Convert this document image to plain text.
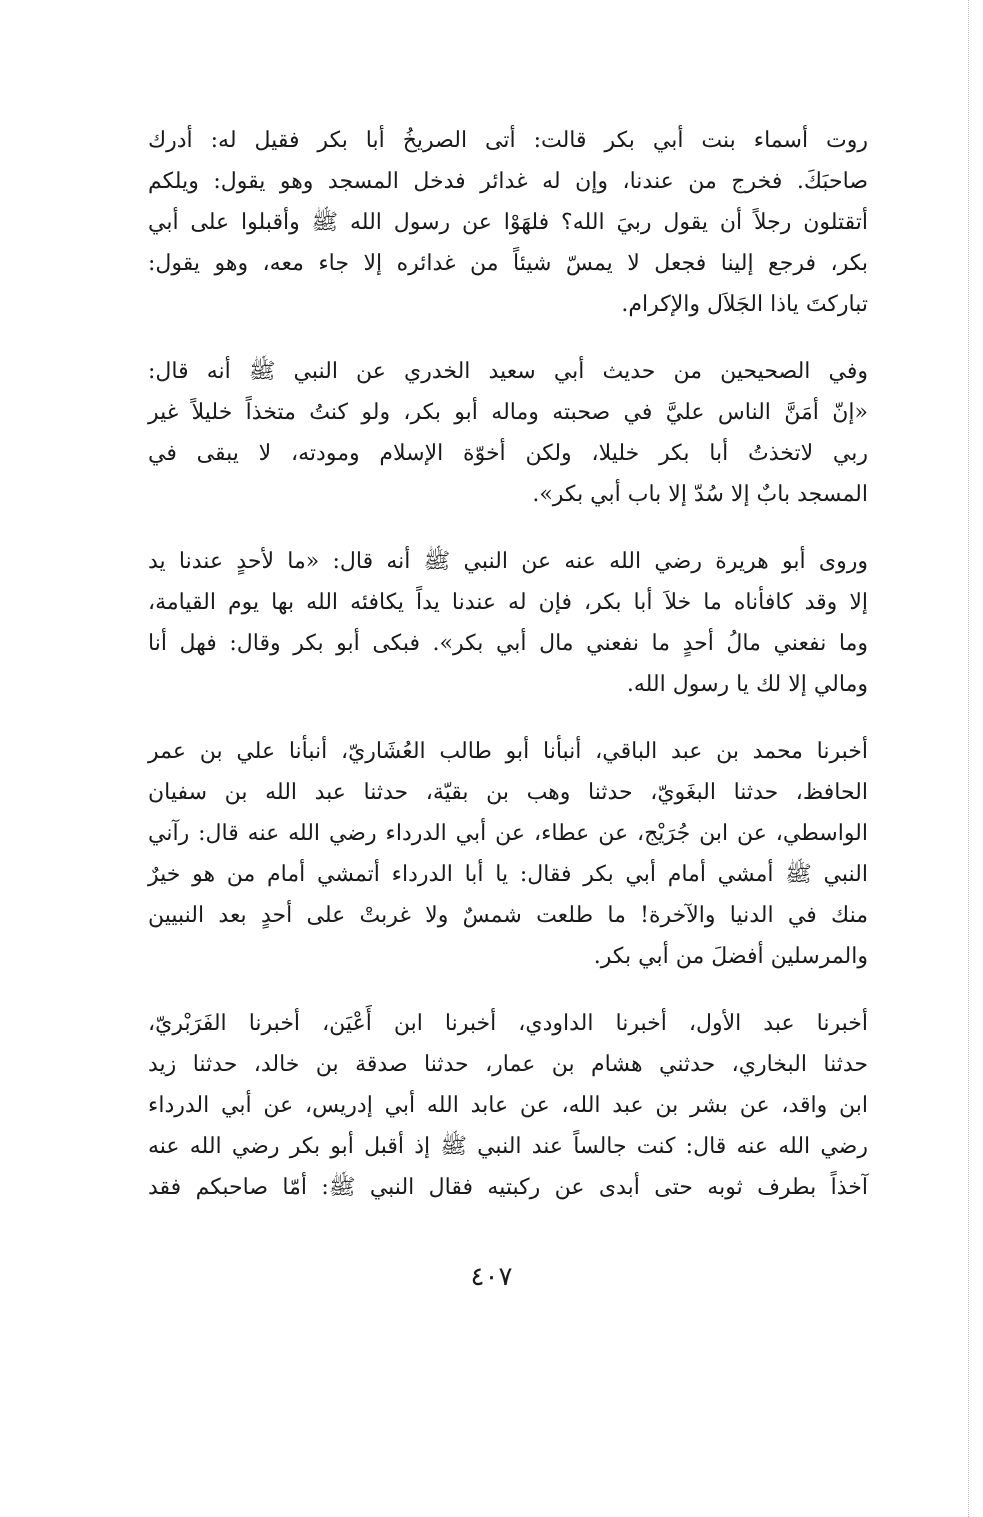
روت أسماء بنت أبي بكر قالت: أتى الصريخُ أبا بكر فقيل له: أدرك
صاحبَكَ. فخرج من عندنا، وإن له غدائر فدخل المسجد وهو يقول: ويلكم
أتقتلون رجلاً أن يقول ربيَ الله؟ فلهَوْا عن رسول الله ﷺ وأقبلوا على أبي
بكر، فرجع إلينا فجعل لا يمسّ شيئاً من غدائره إلا جاء معه، وهو يقول:
تباركتَ ياذا الجَلاَل والإكرام.
وفي الصحيحين من حديث أبي سعيد الخدري عن النبي ﷺ أنه قال:
«إنّ أمَنَّ الناس عليَّ في صحبته وماله أبو بكر، ولو كنتُ متخذاً خليلاً غير
ربي لاتخذتُ أبا بكر خليلا، ولكن أخوّة الإسلام ومودته، لا يبقى في
المسجد بابٌ إلا سُدّ إلا باب أبي بكر».
وروى أبو هريرة رضي الله عنه عن النبي ﷺ أنه قال: «ما لأحدٍ عندنا يد
إلا وقد كافأناه ما خلاَ أبا بكر، فإن له عندنا يداً يكافئه الله بها يوم القيامة،
وما نفعني مالُ أحدٍ ما نفعني مال أبي بكر». فبكى أبو بكر وقال: فهل أنا
ومالي إلا لك يا رسول الله.
أخبرنا محمد بن عبد الباقي، أنبأنا أبو طالب العُشَاريّ، أنبأنا علي بن عمر
الحافظ، حدثنا البغَويّ، حدثنا وهب بن بقيّة، حدثنا عبد الله بن سفيان
الواسطي، عن ابن جُرَيْج، عن عطاء، عن أبي الدرداء رضي الله عنه قال: رآني
النبي ﷺ أمشي أمام أبي بكر فقال: يا أبا الدرداء أتمشي أمام من هو خيرٌ
منك في الدنيا والآخرة! ما طلعت شمسٌ ولا غربتْ على أحدٍ بعد النبيين
والمرسلين أفضلَ من أبي بكر.
أخبرنا عبد الأول، أخبرنا الداودي، أخبرنا ابن أَعْيَن، أخبرنا الفَرَبْريّ،
حدثنا البخاري، حدثني هشام بن عمار، حدثنا صدقة بن خالد، حدثنا زيد
ابن واقد، عن بشر بن عبد الله، عن عابد الله أبي إدريس، عن أبي الدرداء
رضي الله عنه قال: كنت جالساً عند النبي ﷺ إذ أقبل أبو بكر رضي الله عنه
آخذاً بطرف ثوبه حتى أبدى عن ركبتيه فقال النبي ﷺ: أمّا صاحبكم فقد
٤٠٧
